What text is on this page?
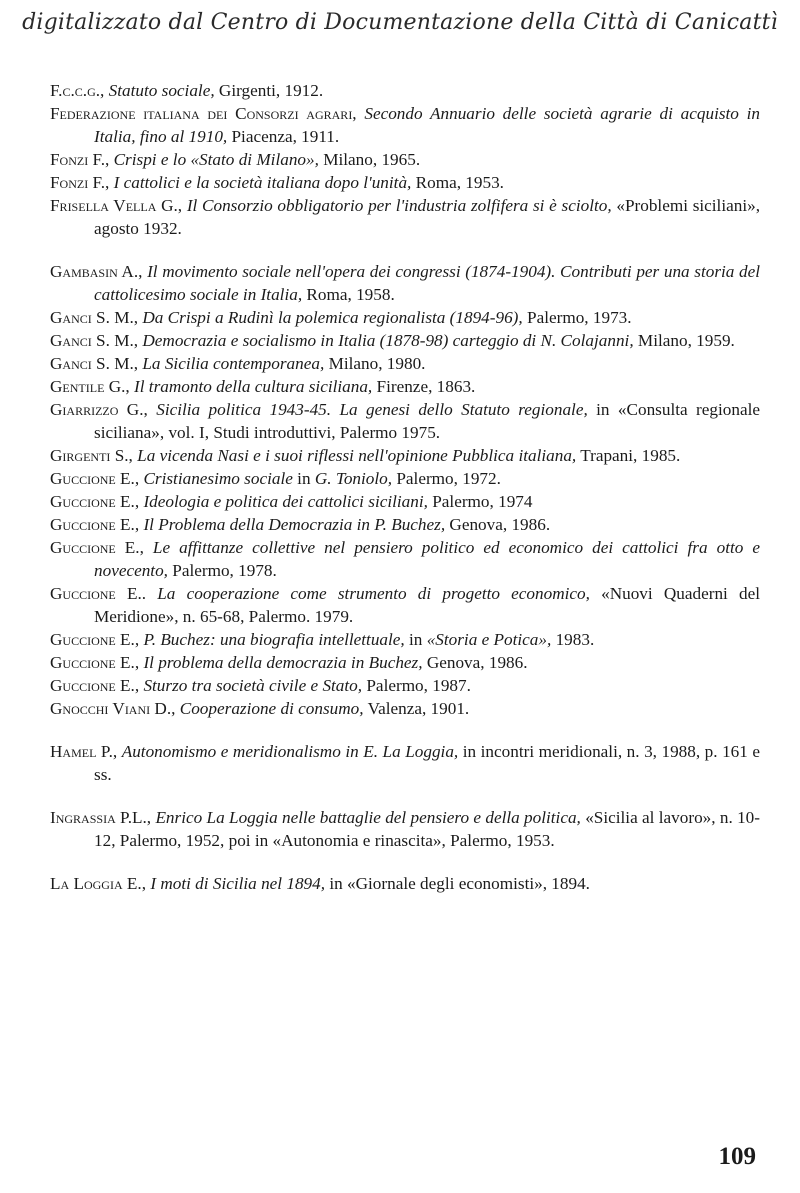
digitalizzato dal Centro di Documentazione della Città di Canicattì

F.c.c.g., Statuto sociale, Girgenti, 1912.

Federazione italiana dei Consorzi agrari, Secondo Annuario delle società agrarie di acquisto in Italia, fino al 1910, Piacenza, 1911.

Fonzi F., Crispi e lo «Stato di Milano», Milano, 1965.

Fonzi F., I cattolici e la società italiana dopo l'unità, Roma, 1953.

Frisella Vella G., Il Consorzio obbligatorio per l'industria zolfifera si è sciolto, «Problemi siciliani», agosto 1932.

Gambasin A., Il movimento sociale nell'opera dei congressi (1874-1904). Contributi per una storia del cattolicesimo sociale in Italia, Roma, 1958.

Ganci S. M., Da Crispi a Rudinì la polemica regionalista (1894-96), Palermo, 1973.

Ganci S. M., Democrazia e socialismo in Italia (1878-98) carteggio di N. Colajanni, Milano, 1959.

Ganci S. M., La Sicilia contemporanea, Milano, 1980.

Gentile G., Il tramonto della cultura siciliana, Firenze, 1863.

Giarrizzo G., Sicilia politica 1943-45. La genesi dello Statuto regionale, in «Consulta regionale siciliana», vol. I, Studi introduttivi, Palermo 1975.

Girgenti S., La vicenda Nasi e i suoi riflessi nell'opinione Pubblica italiana, Trapani, 1985.

Guccione E., Cristianesimo sociale in G. Toniolo, Palermo, 1972.

Guccione E., Ideologia e politica dei cattolici siciliani, Palermo, 1974

Guccione E., Il Problema della Democrazia in P. Buchez, Genova, 1986.

Guccione E., Le affittanze collettive nel pensiero politico ed economico dei cattolici fra otto e novecento, Palermo, 1978.

Guccione E.. La cooperazione come strumento di progetto economico, «Nuovi Quaderni del Meridione», n. 65-68, Palermo. 1979.

Guccione E., P. Buchez: una biografia intellettuale, in «Storia e Potica», 1983.

Guccione E., Il problema della democrazia in Buchez, Genova, 1986.

Guccione E., Sturzo tra società civile e Stato, Palermo, 1987.

Gnocchi Viani D., Cooperazione di consumo, Valenza, 1901.

Hamel P., Autonomismo e meridionalismo in E. La Loggia, in incontri meridionali, n. 3, 1988, p. 161 e ss.

Ingrassia P.L., Enrico La Loggia nelle battaglie del pensiero e della politica, «Sicilia al lavoro», n. 10-12, Palermo, 1952, poi in «Autonomia e rinascita», Palermo, 1953.

La Loggia E., I moti di Sicilia nel 1894, in «Giornale degli economisti», 1894.

109
